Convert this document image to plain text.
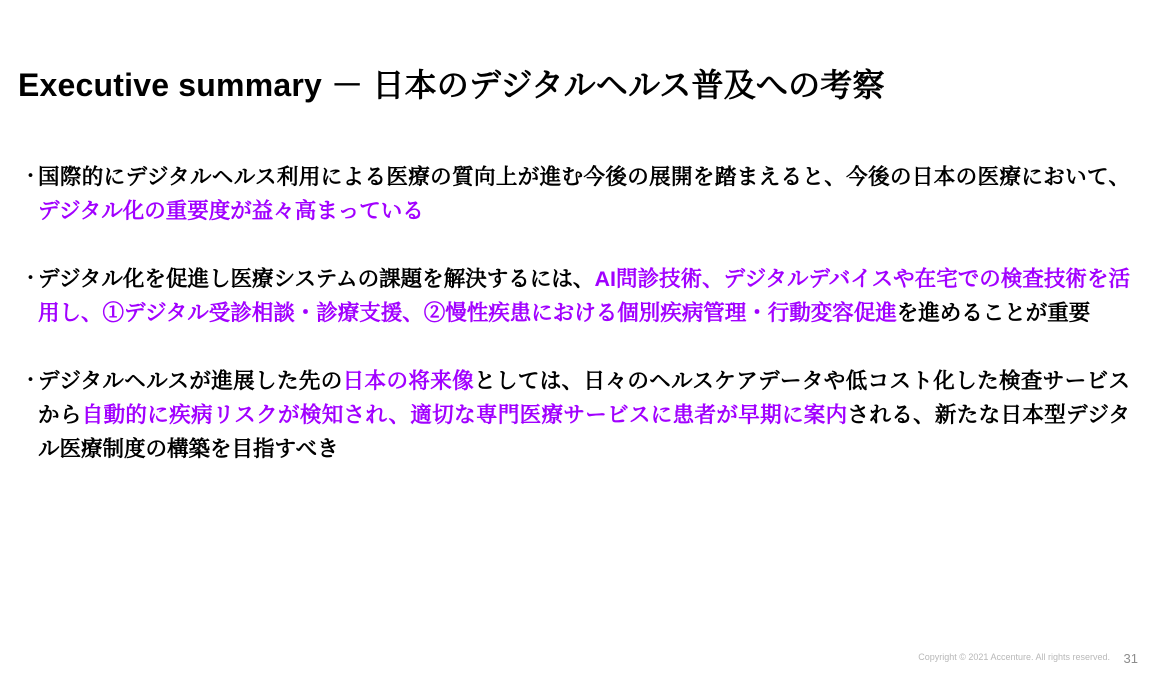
Executive summary － 日本のデジタルヘルス普及への考察
・
国際的にデジタルヘルス利用による医療の質向上が進む今後の展開を踏まえると、今後の日本の医療において、デジタル化の重要度が益々高まっている
・
デジタル化を促進し医療システムの課題を解決するには、AI問診技術、デジタルデバイスや在宅での検査技術を活用し、①デジタル受診相談・診療支援、②慢性疾患における個別疾病管理・行動変容促進を進めることが重要
・
デジタルヘルスが進展した先の日本の将来像としては、日々のヘルスケアデータや低コスト化した検査サービスから自動的に疾病リスクが検知され、適切な専門医療サービスに患者が早期に案内される、新たな日本型デジタル医療制度の構築を目指すべき
Copyright © 2021 Accenture. All rights reserved. 31
